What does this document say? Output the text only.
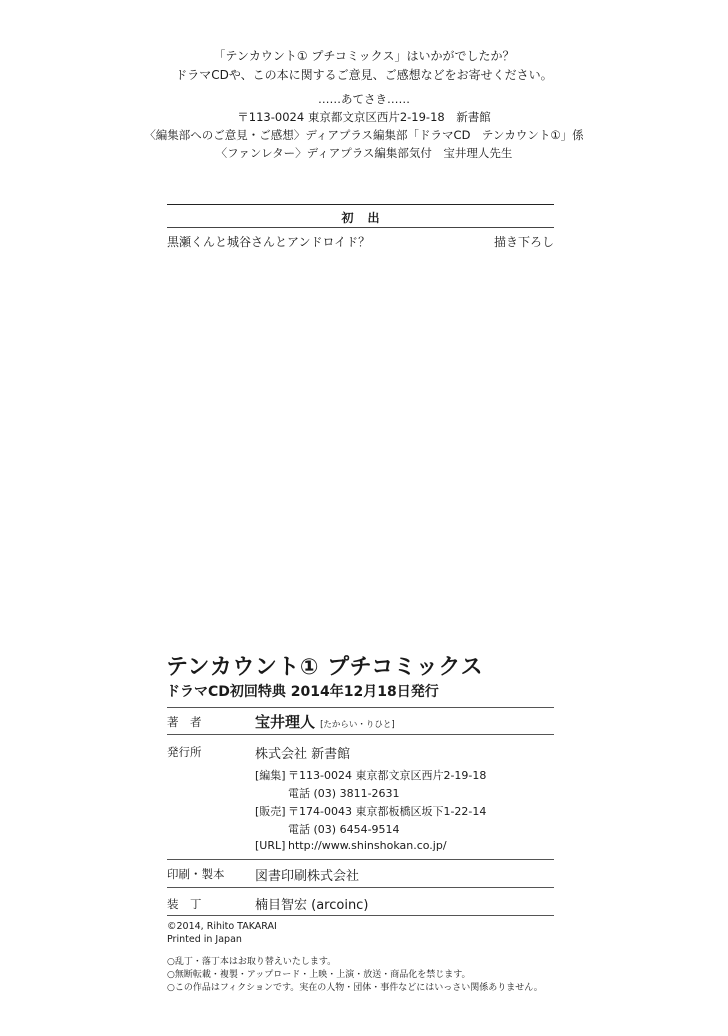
「テンカウント① プチコミックス」はいかがでしたか？
ドラマCDや、この本に関するご意見、ご感想などをお寄せください。
……あてさき……
〒113-0024 東京都文京区西片2-19-18　新書館
〈編集部へのご意見・ご感想〉ディアプラス編集部「ドラマCD　テンカウント①」係
〈ファンレター〉ディアプラス編集部気付　宝井理人先生
初出
黒瀬くんと城谷さんとアンドロイド？	描き下ろし
テンカウント① プチコミックス
ドラマCD初回特典 2014年12月18日発行
著　者	宝井理人 [たからい・りひと]
発行所	株式会社 新書館
[編集] 〒113-0024 東京都文京区西片2-19-18
電話 (03) 3811-2631
[販売] 〒174-0043 東京都板橋区坂下1-22-14
電話 (03) 6454-9514
[URL] http://www.shinshokan.co.jp/
印刷・製本 図書印刷株式会社
装　丁	楠目智宏 (arcoinc)
©2014, Rihito TAKARAI
Printed in Japan
○乱丁・落丁本はお取り替えいたします。
○無断転載・複製・アップロード・上映・上演・放送・商品化を禁じます。
○この作品はフィクションです。実在の人物・団体・事件などにはいっさい関係ありません。
